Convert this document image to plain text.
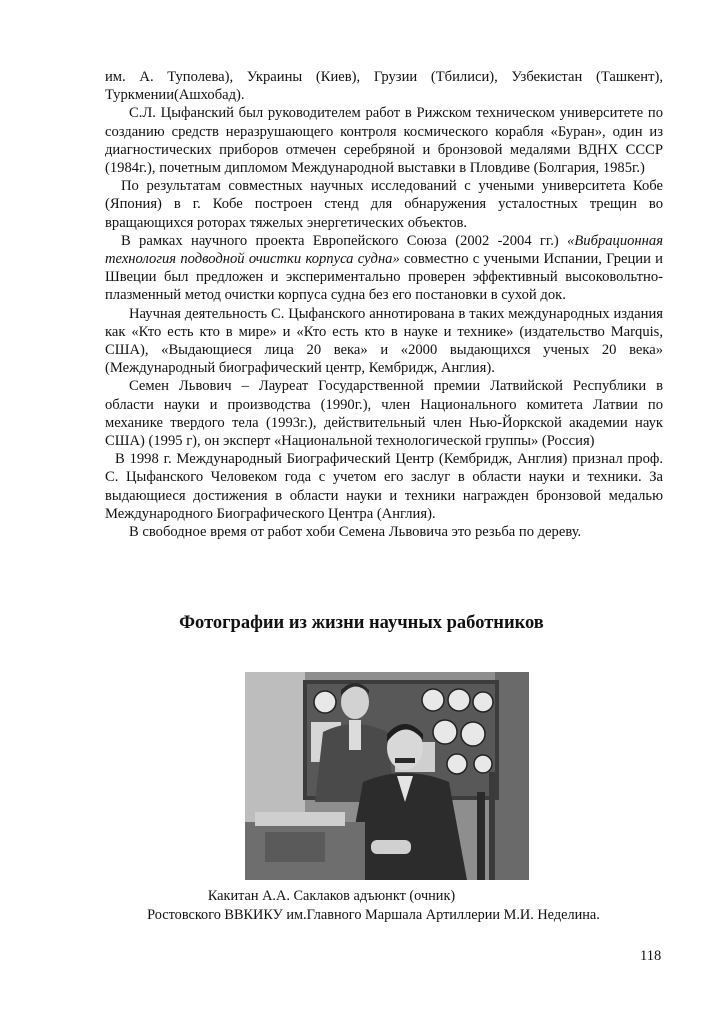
им. А. Туполева), Украины (Киев), Грузии (Тбилиси), Узбекистан (Ташкент), Туркмении(Ашхобад).

С.Л. Цыфанский был руководителем работ в Рижском техническом университете по созданию средств неразрушающего контроля космического корабля «Буран», один из диагностических приборов отмечен серебряной и бронзовой медалями ВДНХ СССР (1984г.), почетным дипломом Международной выставки в Пловдиве (Болгария, 1985г.)

По результатам совместных научных исследований с учеными университета Кобе (Япония) в г. Кобе построен стенд для обнаружения усталостных трещин во вращающихся роторах тяжелых энергетических объектов.

В рамках научного проекта Европейского Союза (2002 -2004 гг.) «Вибрационная технология подводной очистки корпуса судна» совместно с учеными Испании, Греции и Швеции был предложен и экспериментально проверен эффективный высоковольтно-плазменный метод очистки корпуса судна без его постановки в сухой док.

Научная деятельность С. Цыфанского аннотирована в таких международных издания как «Кто есть кто в мире» и «Кто есть кто в науке и технике» (издательство Marquis, США), «Выдающиеся лица 20 века» и «2000 выдающихся ученых 20 века» (Международный биографический центр, Кембридж, Англия).

Семен Львович – Лауреат Государственной премии Латвийской Республики в области науки и производства (1990г.), член Национального комитета Латвии по механике твердого тела (1993г.), действительный член Нью-Йоркской академии наук США) (1995 г), он эксперт «Национальной технологической группы» (Россия)

В 1998 г. Международный Биографический Центр (Кембридж, Англия) признал проф. С. Цыфанского Человеком года с учетом его заслуг в области науки и техники. За выдающиеся достижения в области науки и техники награжден бронзовой медалью Международного Биографического Центра (Англия).

В свободное время от работ хоби Семена Львовича это резьба по дереву.

Фотографии из жизни научных работников
Какитан А.А. Саклаков адъюнкт (очник)
Ростовского ВВКИКУ им.Главного Маршала Артиллерии М.И. Неделина.
118
